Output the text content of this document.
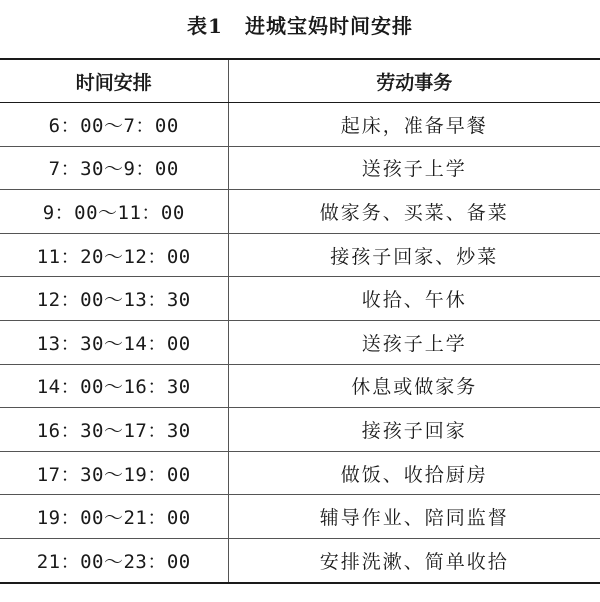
表1 进城宝妈时间安排
时间安排	劳动事务
6：00～7：00	起床，准备早餐
7：30～9：00	送孩子上学
9：00～11：00	做家务、买菜、备菜
11：20～12：00	接孩子回家、炒菜
12：00～13：30	收拾、午休
13：30～14：00	送孩子上学
14：00～16：30	休息或做家务
16：30～17：30	接孩子回家
17：30～19：00	做饭、收拾厨房
19：00～21：00	辅导作业、陪同监督
21：00～23：00	安排洗漱、简单收拾
